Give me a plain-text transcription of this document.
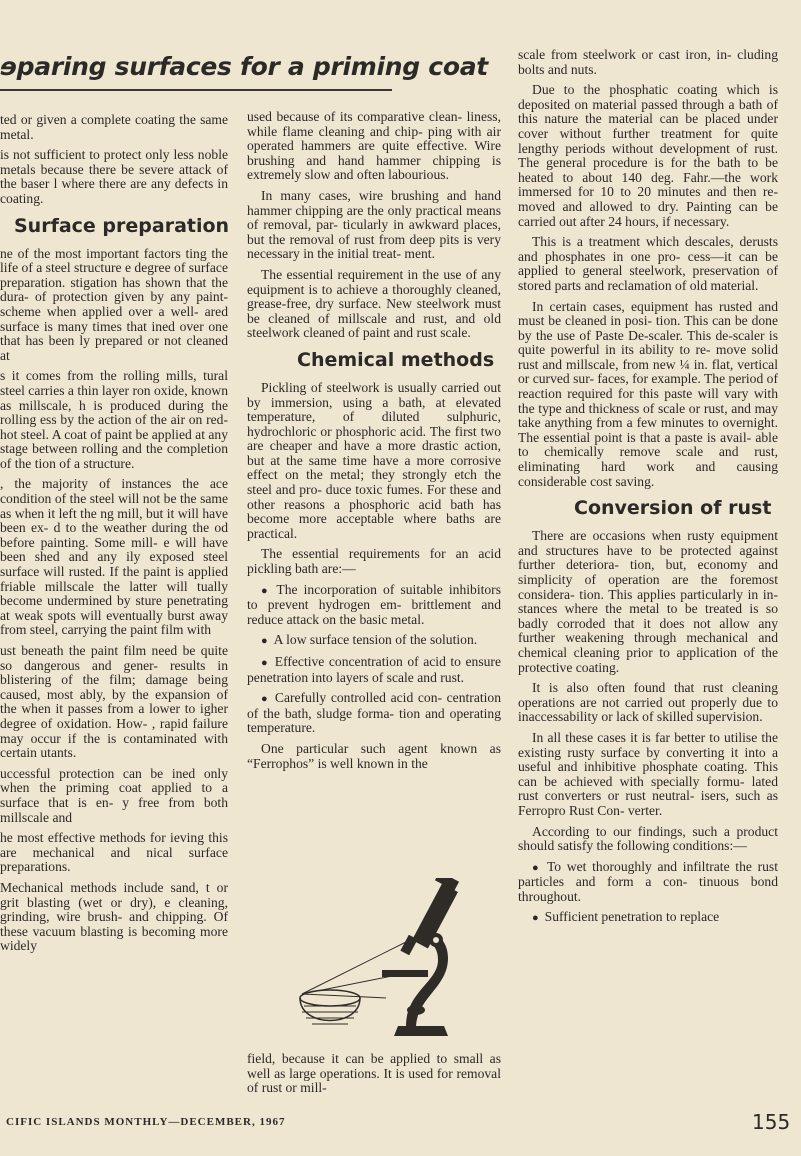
ɘparing surfaces for a priming coat

ted or given a complete coating the same metal.

is not sufficient to protect only less noble metals because there be severe attack of the baser l where there are any defects in coating.

Surface preparation

ne of the most important factors ting the life of a steel structure e degree of surface preparation. stigation has shown that the dura- of protection given by any paint- scheme when applied over a well- ared surface is many times that ined over one that has been ly prepared or not cleaned at

s it comes from the rolling mills, tural steel carries a thin layer ron oxide, known as millscale, h is produced during the rolling ess by the action of the air on red-hot steel. A coat of paint be applied at any stage between rolling and the completion of the tion of a structure.

, the majority of instances the ace condition of the steel will not be the same as when it left the ng mill, but it will have been ex- d to the weather during the od before painting. Some mill- e will have been shed and any ily exposed steel surface will rusted. If the paint is applied friable millscale the latter will tually become undermined by sture penetrating at weak spots will eventually burst away from steel, carrying the paint film with

ust beneath the paint film need be quite so dangerous and gener- results in blistering of the film; damage being caused, most ably, by the expansion of the when it passes from a lower to igher degree of oxidation. How- , rapid failure may occur if the is contaminated with certain utants.

uccessful protection can be ined only when the priming coat applied to a surface that is en- y free from both millscale and

he most effective methods for ieving this are mechanical and nical surface preparations.

Mechanical methods include sand, t or grit blasting (wet or dry), e cleaning, grinding, wire brush- and chipping. Of these vacuum blasting is becoming more widely

used because of its comparative clean- liness, while flame cleaning and chip- ping with air operated hammers are quite effective. Wire brushing and hand hammer chipping is extremely slow and often labourious.

In many cases, wire brushing and hand hammer chipping are the only practical means of removal, par- ticularly in awkward places, but the removal of rust from deep pits is very necessary in the initial treat- ment.

The essential requirement in the use of any equipment is to achieve a thoroughly cleaned, grease-free, dry surface. New steelwork must be cleaned of millscale and rust, and old steelwork cleaned of paint and rust scale.

Chemical methods

Pickling of steelwork is usually carried out by immersion, using a bath, at elevated temperature, of diluted sulphuric, hydrochloric or phosphoric acid. The first two are cheaper and have a more drastic action, but at the same time have a more corrosive effect on the metal; they strongly etch the steel and pro- duce toxic fumes. For these and other reasons a phosphoric acid bath has become more acceptable where baths are practical.

The essential requirements for an acid pickling bath are:—

● The incorporation of suitable inhibitors to prevent hydrogen em- brittlement and reduce attack on the basic metal.

● A low surface tension of the solution.

● Effective concentration of acid to ensure penetration into layers of scale and rust.

● Carefully controlled acid con- centration of the bath, sludge forma- tion and operating temperature.

One particular such agent known as “Ferrophos” is well known in the

field, because it can be applied to small as well as large operations. It is used for removal of rust or mill-

scale from steelwork or cast iron, in- cluding bolts and nuts.

Due to the phosphatic coating which is deposited on material passed through a bath of this nature the material can be placed under cover without further treatment for quite lengthy periods without development of rust. The general procedure is for the bath to be heated to about 140 deg. Fahr.—the work immersed for 10 to 20 minutes and then re- moved and allowed to dry. Painting can be carried out after 24 hours, if necessary.

This is a treatment which descales, derusts and phosphates in one pro- cess—it can be applied to general steelwork, preservation of stored parts and reclamation of old material.

In certain cases, equipment has rusted and must be cleaned in posi- tion. This can be done by the use of Paste De-scaler. This de-scaler is quite powerful in its ability to re- move solid rust and millscale, from new ¼ in. flat, vertical or curved sur- faces, for example. The period of reaction required for this paste will vary with the type and thickness of scale or rust, and may take anything from a few minutes to overnight. The essential point is that a paste is avail- able to chemically remove scale and rust, eliminating hard work and causing considerable cost saving.

Conversion of rust

There are occasions when rusty equipment and structures have to be protected against further deteriora- tion, but, economy and simplicity of operation are the foremost considera- tion. This applies particularly in in- stances where the metal to be treated is so badly corroded that it does not allow any further weakening through mechanical and chemical cleaning prior to application of the protective coating.

It is also often found that rust cleaning operations are not carried out properly due to inaccessability or lack of skilled supervision.

In all these cases it is far better to utilise the existing rusty surface by converting it into a useful and inhibitive phosphate coating. This can be achieved with specially formu- lated rust converters or rust neutral- isers, such as Ferropro Rust Con- verter.

According to our findings, such a product should satisfy the following conditions:—

● To wet thoroughly and infiltrate the rust particles and form a con- tinuous bond throughout.

● Sufficient penetration to replace

CIFIC ISLANDS MONTHLY—DECEMBER, 1967	155
